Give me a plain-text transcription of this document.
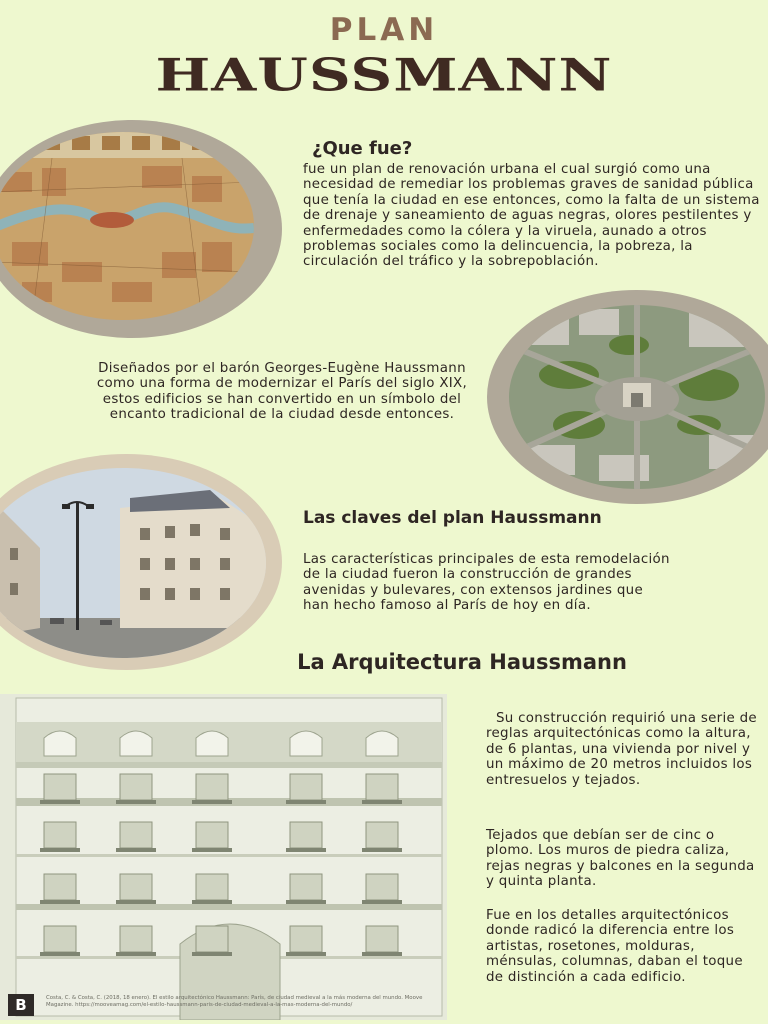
PLAN
HAUSSMANN
¿Que fue?
fue un plan de renovación urbana el cual surgió como una necesidad de remediar los problemas graves de sanidad pública que tenía la ciudad en ese entonces, como la falta de un sistema de drenaje y saneamiento de aguas negras, olores pestilentes y enfermedades como la cólera y la viruela, aunado a otros problemas sociales como la delincuencia, la pobreza, la circulación del tráfico y la sobrepoblación.
Diseñados por el barón Georges-Eugène Haussmann como una forma de modernizar el París del siglo XIX, estos edificios se han convertido en un símbolo del encanto tradicional de la ciudad desde entonces.
Las claves del plan Haussmann
Las características principales de esta remodelación de la ciudad fueron la construcción de grandes avenidas y bulevares, con extensos jardines que han hecho famoso al París de hoy en día.
La Arquitectura Haussmann
Su construcción requirió una serie de reglas arquitectónicas como la altura, de 6 plantas, una vivienda por nivel y un máximo de 20 metros incluidos los entresuelos y tejados.
Tejados que debían ser de cinc o plomo. Los muros de piedra caliza, rejas negras y balcones en la segunda y quinta planta.
Fue en los detalles arquitectónicos donde radicó la diferencia entre los artistas, rosetones, molduras, ménsulas, columnas, daban el toque de distinción a cada edificio.
B	Costa, C. & Costa, C. (2018, 18 enero). El estilo arquitectónico Haussmann: París, de ciudad medieval a la más moderna del mundo. Moove Magazine. https://mooveamag.com/el-estilo-haussmann-paris-de-ciudad-medieval-a-la-mas-moderna-del-mundo/
